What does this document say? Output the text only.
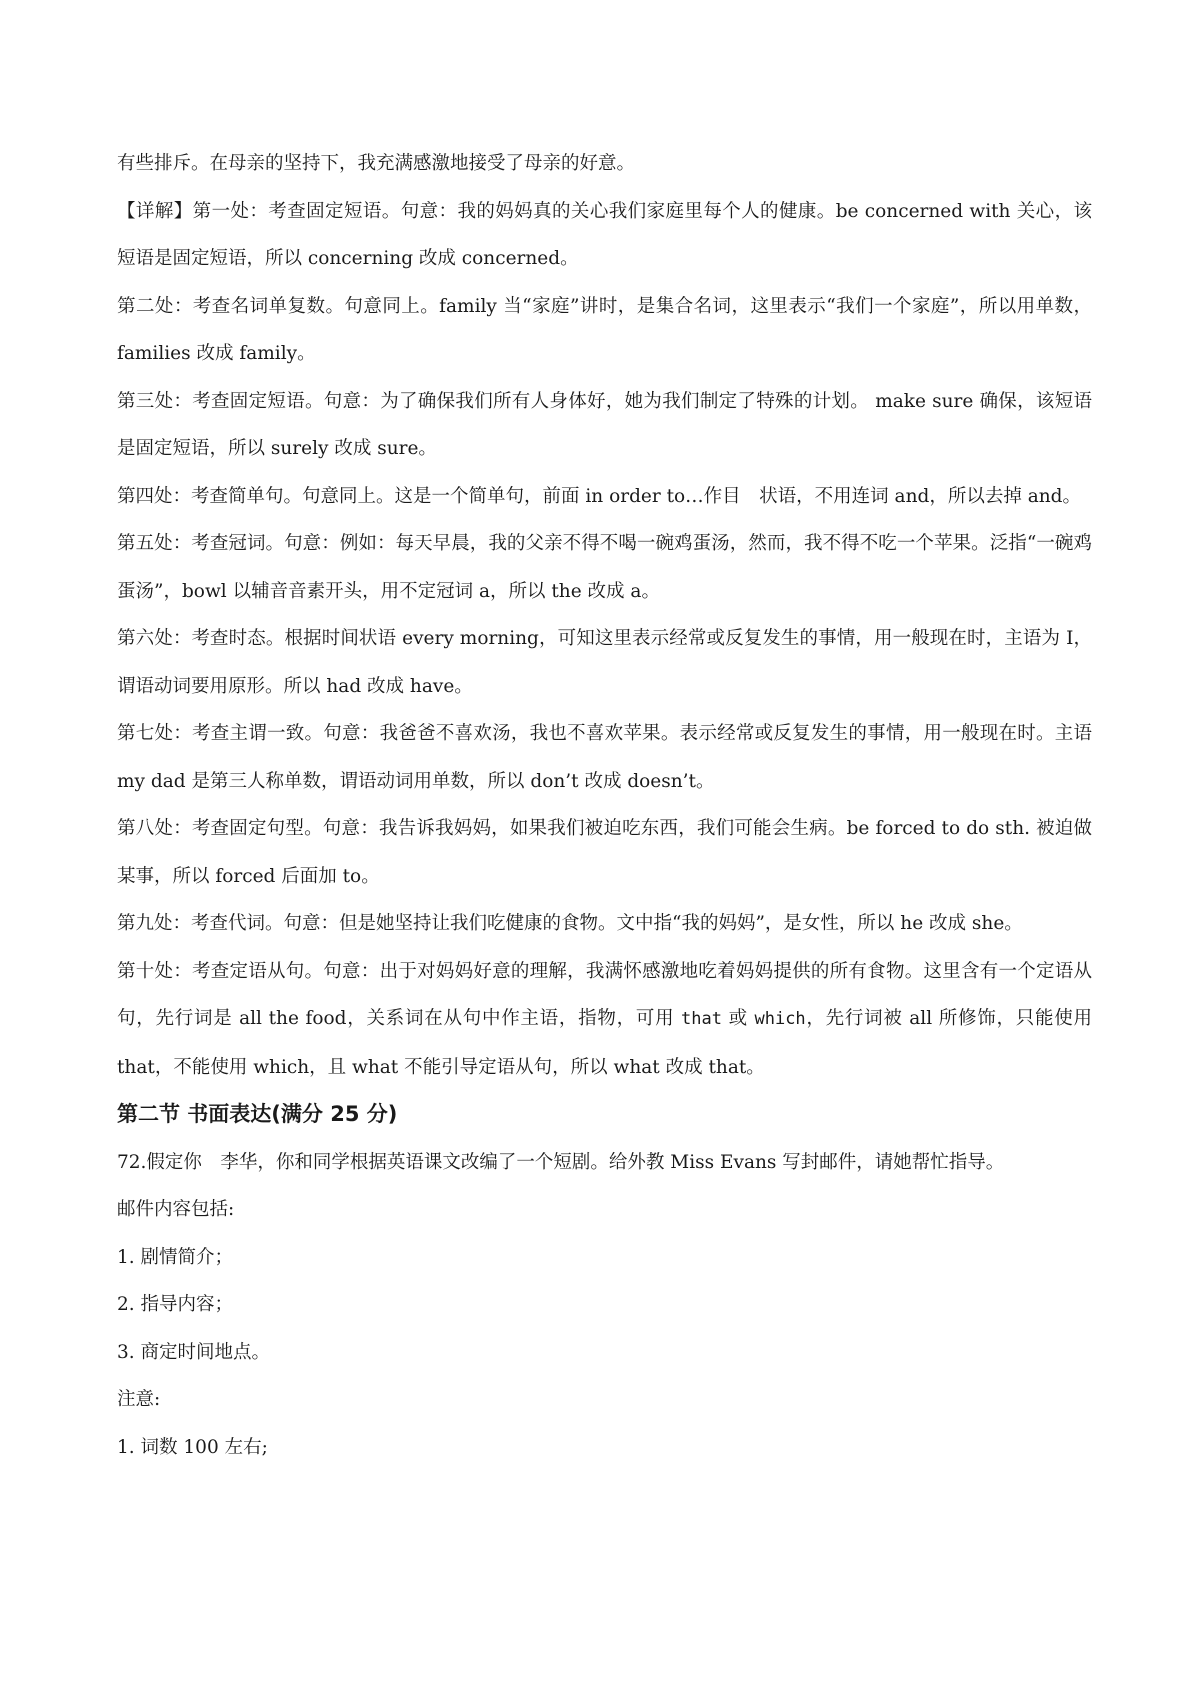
有些排斥。在母亲的坚持下，我充满感激地接受了母亲的好意。

【详解】第一处：考查固定短语。句意：我的妈妈真的关心我们家庭里每个人的健康。be concerned with 关心，该短语是固定短语，所以 concerning 改成 concerned。

第二处：考查名词单复数。句意同上。family 当“家庭”讲时，是集合名词，这里表示“我们一个家庭”，所以用单数，families 改成 family。

第三处：考查固定短语。句意：为了确保我们所有人身体好，她为我们制定了特殊的计划。 make sure 确保，该短语是固定短语，所以 surely 改成 sure。

第四处：考查简单句。句意同上。这是一个简单句，前面 in order to…作目　状语，不用连词 and，所以去掉 and。

第五处：考查冠词。句意：例如：每天早晨，我的父亲不得不喝一碗鸡蛋汤，然而，我不得不吃一个苹果。泛指“一碗鸡蛋汤”，bowl 以辅音音素开头，用不定冠词 a，所以 the 改成 a。

第六处：考查时态。根据时间状语 every morning，可知这里表示经常或反复发生的事情，用一般现在时，主语为 I，谓语动词要用原形。所以 had 改成 have。

第七处：考查主谓一致。句意：我爸爸不喜欢汤，我也不喜欢苹果。表示经常或反复发生的事情，用一般现在时。主语 my dad 是第三人称单数，谓语动词用单数，所以 don’t 改成 doesn’t。

第八处：考查固定句型。句意：我告诉我妈妈，如果我们被迫吃东西，我们可能会生病。be forced to do sth. 被迫做某事，所以 forced 后面加 to。

第九处：考查代词。句意：但是她坚持让我们吃健康的食物。文中指“我的妈妈”，是女性，所以 he 改成 she。

第十处：考查定语从句。句意：出于对妈妈好意的理解，我满怀感激地吃着妈妈提供的所有食物。这里含有一个定语从句，先行词是 all the food，关系词在从句中作主语，指物，可用 that 或 which，先行词被 all 所修饰，只能使用 that，不能使用 which，且 what 不能引导定语从句，所以 what 改成 that。

第二节 书面表达(满分 25 分)

72.假定你　李华，你和同学根据英语课文改编了一个短剧。给外教 Miss Evans 写封邮件，请她帮忙指导。

邮件内容包括:

1. 剧情简介；

2. 指导内容；

3. 商定时间地点。

注意:

1. 词数 100 左右;
